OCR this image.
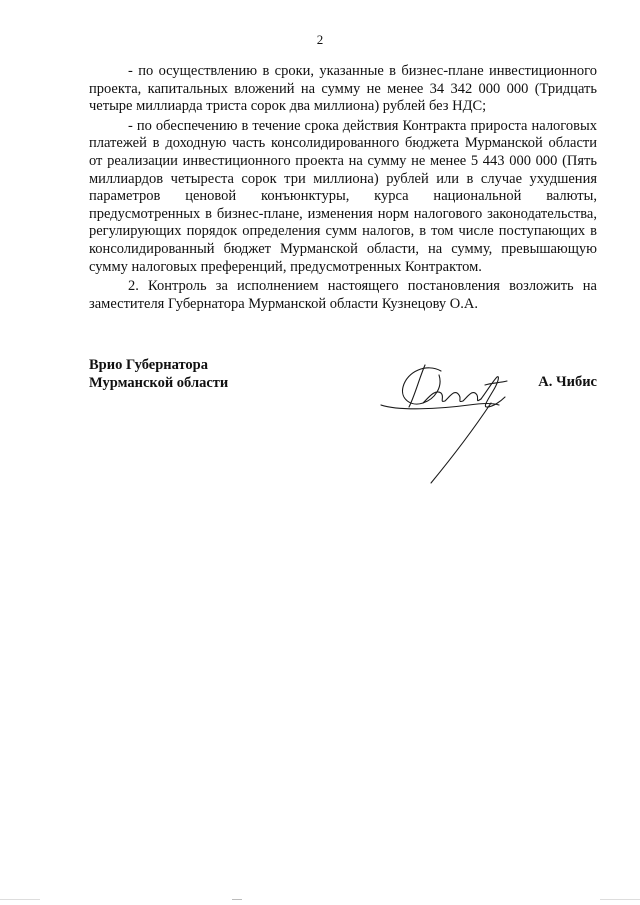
2

- по осуществлению в сроки, указанные в бизнес-плане инвестиционного проекта, капитальных вложений на сумму не менее 34 342 000 000 (Тридцать четыре миллиарда триста сорок два миллиона) рублей без НДС;

- по обеспечению в течение срока действия Контракта прироста налоговых платежей в доходную часть консолидированного бюджета Мурманской области от реализации инвестиционного проекта на сумму не менее 5 443 000 000 (Пять миллиардов четыреста сорок три миллиона) рублей или в случае ухудшения параметров ценовой конъюнктуры, курса национальной валюты, предусмотренных в бизнес-плане, изменения норм налогового законодательства, регулирующих порядок определения сумм налогов, в том числе поступающих в консолидированный бюджет Мурманской области, на сумму, превышающую сумму налоговых преференций, предусмотренных Контрактом.

2. Контроль за исполнением настоящего постановления возложить на заместителя Губернатора Мурманской области Кузнецову О.А.

Врио Губернатора
Мурманской области	А. Чибис
